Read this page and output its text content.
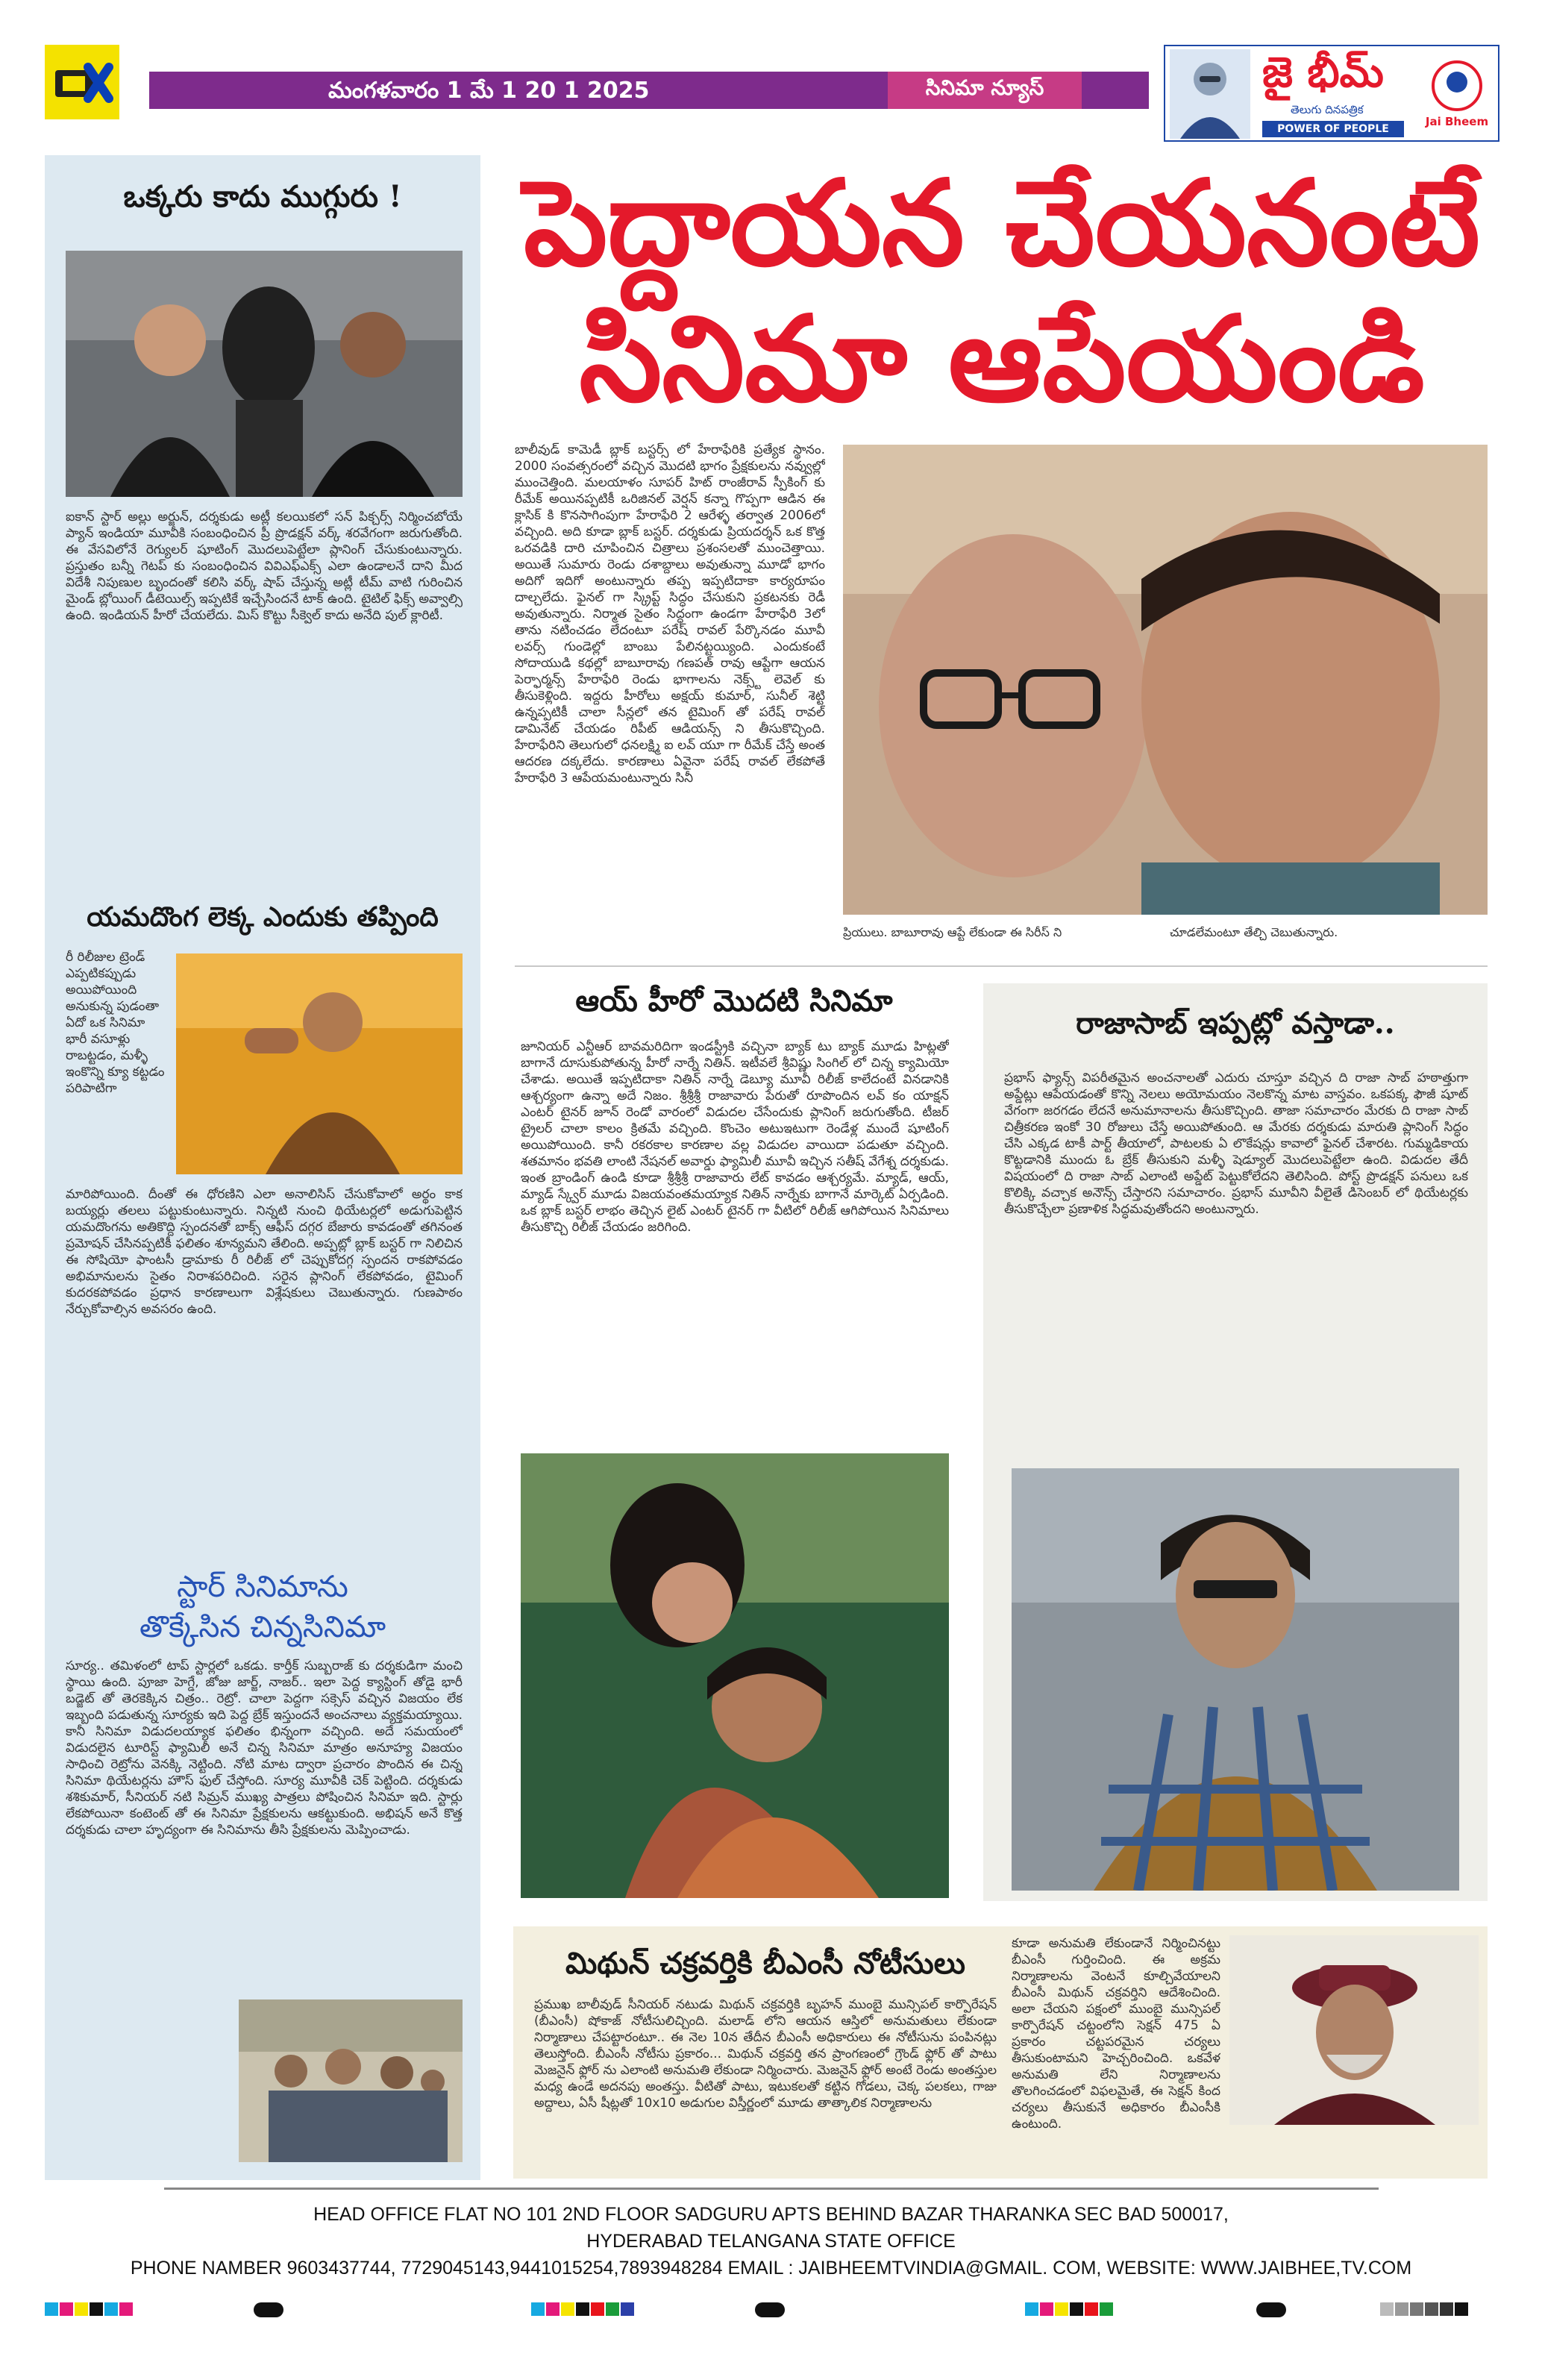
మంగళవారం 1 మే 1 20 1 2025	సినిమా న్యూస్	జై భీమ్
తెలుగు దినపత్రిక
POWER OF PEOPLE
Jai Bheem
ఒక్కరు కాదు ముగ్గురు !
ఐకాన్ స్టార్ అల్లు అర్జున్, దర్శకుడు అట్లీ కలయికలో సన్ పిక్చర్స్ నిర్మించబోయే ప్యాన్ ఇండియా మూవీకి సంబంధించిన ప్రీ ప్రొడక్షన్ వర్క్ శరవేగంగా జరుగుతోంది. ఈ వేసవిలోనే రెగ్యులర్ షూటింగ్ మొదలుపెట్టేలా ప్లానింగ్ చేసుకుంటున్నారు. ప్రస్తుతం బన్నీ గెటప్ కు సంబంధించిన వివిఎఫ్ఎక్స్ ఎలా ఉండాలనే దాని మీద విదేశీ నిపుణుల బృందంతో కలిసి వర్క్ షాప్ చేస్తున్న అట్లీ టీమ్ వాటి గురించిన మైండ్ బ్లోయింగ్ డీటెయిల్స్ ఇప్పటికే ఇచ్చేసిందనే టాక్ ఉంది. టైటిల్ ఫిక్స్ అవ్వాల్సి ఉంది. ఇండియన్ హీరో చేయలేదు. మిస్ కొట్టు సీక్వెల్ కాదు అనేది పుల్ క్లారిటీ.
యమదొంగ లెక్క ఎందుకు తప్పింది
రీ రిలీజుల ట్రెండ్ ఎప్పటికప్పుడు అయిపోయింది అనుకున్న పుడంతా ఏదో ఒక సినిమా భారీ వసూళ్లు రాబట్టడం, మళ్ళీ ఇంకొన్ని క్యూ కట్టడం పరిపాటిగా
మారిపోయింది. దీంతో ఈ ధోరణిని ఎలా అనాలిసిస్ చేసుకోవాలో అర్థం కాక బయ్యర్లు తలలు పట్టుకుంటున్నారు. నిన్నటి నుంచి థియేటర్లలో అడుగుపెట్టిన యమదొంగను అతికొద్ది స్పందనతో బాక్స్ ఆఫీస్ దగ్గర బేజారు కావడంతో తగినంత ప్రమోషన్ చేసినప్పటికీ ఫలితం శూన్యమని తేలింది. అప్పట్లో బ్లాక్ బస్టర్ గా నిలిచిన ఈ సోషియో ఫాంటసీ డ్రామాకు రీ రిలీజ్ లో చెప్పుకోదగ్గ స్పందన రాకపోవడం అభిమానులను సైతం నిరాశపరిచింది. సరైన ప్లానింగ్ లేకపోవడం, టైమింగ్ కుదరకపోవడం ప్రధాన కారణాలుగా విశ్లేషకులు చెబుతున్నారు. గుణపాఠం నేర్చుకోవాల్సిన అవసరం ఉంది.
స్టార్ సినిమాను
తొక్కేసిన చిన్నసినిమా
సూర్య.. తమిళంలో టాప్ స్టార్లలో ఒకడు. కార్తీక్ సుబ్బరాజ్ కు దర్శకుడిగా మంచి స్థాయి ఉంది. పూజా హెగ్డే, జోజు జార్జ్, నాజర్.. ఇలా పెద్ద క్యాస్టింగ్ తోడై భారీ బడ్జెట్ తో తెరకెక్కిన చిత్రం.. రెట్రో. చాలా పెద్దగా సక్సెస్ వచ్చిన విజయం లేక ఇబ్బంది పడుతున్న సూర్యకు ఇది పెద్ద బ్రేక్ ఇస్తుందనే అంచనాలు వ్యక్తమయ్యాయి. కానీ సినిమా విడుదలయ్యాక ఫలితం భిన్నంగా వచ్చింది. అదే సమయంలో విడుదలైన టూరిస్ట్ ఫ్యామిలీ అనే చిన్న సినిమా మాత్రం అనూహ్య విజయం సాధించి రెట్రోను వెనక్కి నెట్టింది. నోటి మాట ద్వారా ప్రచారం పొందిన ఈ చిన్న సినిమా థియేటర్లను హౌస్ ఫుల్ చేస్తోంది. సూర్య మూవీకి చెక్ పెట్టింది. దర్శకుడు శశికుమార్, సీనియర్ నటి సిమ్రన్ ముఖ్య పాత్రలు పోషించిన సినిమా ఇది. స్టార్లు లేకపోయినా కంటెంట్ తో ఈ సినిమా ప్రేక్షకులను ఆకట్టుకుంది. అభిషన్ అనే కొత్త దర్శకుడు చాలా హృద్యంగా ఈ సినిమాను తీసి ప్రేక్షకులను మెప్పించాడు.
పెద్దాయన చేయనంటే
సినిమా ఆపేయండి
బాలీవుడ్ కామెడీ బ్లాక్ బస్టర్స్ లో హేరాఫేరికి ప్రత్యేక స్థానం. 2000 సంవత్సరంలో వచ్చిన మొదటి భాగం ప్రేక్షకులను నవ్వుల్లో ముంచెత్తింది. మలయాళం సూపర్ హిట్ రాంజీరావ్ స్పీకింగ్ కు రీమేక్ అయినప్పటికీ ఒరిజినల్ వెర్షన్ కన్నా గొప్పగా ఆడిన ఈ క్లాసిక్ కి కొనసాగింపుగా హేరాఫేరి 2 ఆరేళ్ళ తర్వాత 2006లో వచ్చింది. అది కూడా బ్లాక్ బస్టర్. దర్శకుడు ప్రియదర్శన్ ఒక కొత్త ఒరవడికి దారి చూపించిన చిత్రాలు ప్రశంసలతో ముంచెత్తాయి. అయితే సుమారు రెండు దశాబ్దాలు అవుతున్నా మూడో భాగం అదిగో ఇదిగో అంటున్నారు తప్ప ఇప్పటిదాకా కార్యరూపం దాల్చలేదు. ఫైనల్ గా స్క్రిప్ట్ సిద్ధం చేసుకుని ప్రకటనకు రెడీ అవుతున్నారు. నిర్మాత సైతం సిద్ధంగా ఉండగా హేరాఫేరి 3లో తాను నటించడం లేదంటూ పరేష్ రావల్ పేర్కొనడం మూవీ లవర్స్ గుండెల్లో బాంబు పేలినట్టయ్యింది. ఎందుకంటే సోదాయుడి కథల్లో బాబూరావు గణపత్ రావు ఆప్టేగా ఆయన పెర్ఫార్మన్స్ హేరాఫేరి రెండు భాగాలను నెక్స్ట్ లెవెల్ కు తీసుకెళ్లింది. ఇద్దరు హీరోలు అక్షయ్ కుమార్, సునీల్ శెట్టి ఉన్నప్పటికీ చాలా సీన్లలో తన టైమింగ్ తో పరేష్ రావల్ డామినేట్ చేయడం రిపీట్ ఆడియన్స్ ని తీసుకొచ్చింది. హేరాఫేరిని తెలుగులో ధనలక్ష్మి ఐ లవ్ యూ గా రీమేక్ చేస్తే అంత ఆదరణ దక్కలేదు. కారణాలు ఏవైనా పరేష్ రావల్ లేకపోతే హేరాఫేరి 3 ఆపేయమంటున్నారు సినీ
ప్రియులు. బాబూరావు ఆప్టే లేకుండా ఈ సిరీస్ ని	చూడలేమంటూ తేల్చి చెబుతున్నారు.
ఆయ్ హీరో మొదటి సినిమా
జూనియర్ ఎన్టీఆర్ బావమరిదిగా ఇండస్ట్రీకి వచ్చినా బ్యాక్ టు బ్యాక్ మూడు హిట్లతో బాగానే దూసుకుపోతున్న హీరో నార్నే నితిన్. ఇటీవలే శ్రీవిష్ణు సింగిల్ లో చిన్న క్యామియో చేశాడు. అయితే ఇప్పటిదాకా నితిన్ నార్నే డెబ్యూ మూవీ రిలీజ్ కాలేదంటే వినడానికి ఆశ్చర్యంగా ఉన్నా అదే నిజం. శ్రీశ్రీశ్రీ రాజావారు పేరుతో రూపొందిన లవ్ కం యాక్షన్ ఎంటర్ టైనర్ జూన్ రెండో వారంలో విడుదల చేసేందుకు ప్లానింగ్ జరుగుతోంది. టీజర్ ట్రైలర్ చాలా కాలం క్రితమే వచ్చింది. కొంచెం అటుఇటుగా రెండేళ్ల ముందే షూటింగ్ అయిపోయింది. కానీ రకరకాల కారణాల వల్ల విడుదల వాయిదా పడుతూ వచ్చింది. శతమానం భవతి లాంటి నేషనల్ అవార్డు ఫ్యామిలీ మూవీ ఇచ్చిన సతీష్ వేగేశ్న దర్శకుడు. ఇంత బ్రాండింగ్ ఉండి కూడా శ్రీశ్రీశ్రీ రాజావారు లేట్ కావడం ఆశ్చర్యమే. మ్యాడ్, ఆయ్, మ్యాడ్ స్క్వేర్ మూడు విజయవంతమయ్యాక నితిన్ నార్నేకు బాగానే మార్కెట్ ఏర్పడింది. ఒక బ్లాక్ బస్టర్ లాభం తెచ్చిన లైట్ ఎంటర్ టైనర్ గా వీటిలో రిలీజ్ ఆగిపోయిన సినిమాలు తీసుకొచ్చి రిలీజ్ చేయడం జరిగింది.
రాజాసాబ్ ఇప్పట్లో వస్తాడా..
ప్రభాస్ ఫ్యాన్స్ విపరీతమైన అంచనాలతో ఎదురు చూస్తూ వచ్చిన ది రాజా సాబ్ హఠాత్తుగా అప్డేట్లు ఆపేయడంతో కొన్ని నెలలు అయోమయం నెలకొన్న మాట వాస్తవం. ఒకపక్క ఫౌజీ షూట్ వేగంగా జరగడం లేదనే అనుమానాలను తీసుకొచ్చింది. తాజా సమాచారం మేరకు ది రాజా సాబ్ చిత్రీకరణ ఇంకో 30 రోజులు చేస్తే అయిపోతుంది. ఆ మేరకు దర్శకుడు మారుతి ప్లానింగ్ సిద్ధం చేసి ఎక్కడ టాకీ పార్ట్ తీయాలో, పాటలకు ఏ లొకేషన్లు కావాలో ఫైనల్ చేశారట. గుమ్మడికాయ కొట్టడానికి ముందు ఓ బ్రేక్ తీసుకుని మళ్ళీ షెడ్యూల్ మొదలుపెట్టేలా ఉంది. విడుదల తేదీ విషయంలో ది రాజా సాబ్ ఎలాంటి అప్డేట్ పెట్టుకోలేదని తెలిసింది. పోస్ట్ ప్రొడక్షన్ పనులు ఒక కొలిక్కి వచ్చాక అనౌన్స్ చేస్తారని సమాచారం. ప్రభాస్ మూవీని వీలైతే డిసెంబర్ లో థియేటర్లకు తీసుకొచ్చేలా ప్రణాళిక సిద్ధమవుతోందని అంటున్నారు.
మిథున్ చక్రవర్తికి బీఎంసీ నోటీసులు
ప్రముఖ బాలీవుడ్ సీనియర్ నటుడు మిథున్ చక్రవర్తికి బృహన్ ముంబై మున్సిపల్ కార్పొరేషన్ (బీఎంసీ) షోకాజ్ నోటీసులిచ్చింది. మలాడ్ లోని ఆయన ఆస్తిలో అనుమతులు లేకుండా నిర్మాణాలు చేపట్టారంటూ.. ఈ నెల 10న తేదీన బీఎంసీ అధికారులు ఈ నోటీసును పంపినట్లు తెలుస్తోంది. బీఎంసీ నోటీసు ప్రకారం... మిథున్ చక్రవర్తి తన ప్రాంగణంలో గ్రౌండ్ ఫ్లోర్ తో పాటు మెజనైన్ ఫ్లోర్ ను ఎలాంటి అనుమతి లేకుండా నిర్మించారు. మెజనైన్ ఫ్లోర్ అంటే రెండు అంతస్తుల మధ్య ఉండే అదనపు అంతస్తు. వీటితో పాటు, ఇటుకలతో కట్టిన గోడలు, చెక్క పలకలు, గాజు అద్దాలు, ఏసీ షీట్లతో 10x10 అడుగుల విస్తీర్ణంలో మూడు తాత్కాలిక నిర్మాణాలను
కూడా అనుమతి లేకుండానే నిర్మించినట్టు బీఎంసీ గుర్తించింది. ఈ అక్రమ నిర్మాణాలను వెంటనే కూల్చివేయాలని బీఎంసీ మిథున్ చక్రవర్తిని ఆదేశించింది. అలా చేయని పక్షంలో ముంబై మున్సిపల్ కార్పొరేషన్ చట్టంలోని సెక్షన్ 475 ఏ ప్రకారం చట్టపరమైన చర్యలు తీసుకుంటామని హెచ్చరించింది. ఒకవేళ అనుమతి లేని నిర్మాణాలను తొలగించడంలో విఫలమైతే, ఈ సెక్షన్ కింద చర్యలు తీసుకునే అధికారం బీఎంసీకి ఉంటుంది.
HEAD OFFICE FLAT NO 101 2ND FLOOR SADGURU APTS BEHIND BAZAR THARANKA SEC BAD 500017,
HYDERABAD TELANGANA STATE OFFICE
PHONE NAMBER 9603437744, 7729045143,9441015254,7893948284 EMAIL : JAIBHEEMTVINDIA@GMAIL. COM, WEBSITE: WWW.JAIBHEE,TV.COM
